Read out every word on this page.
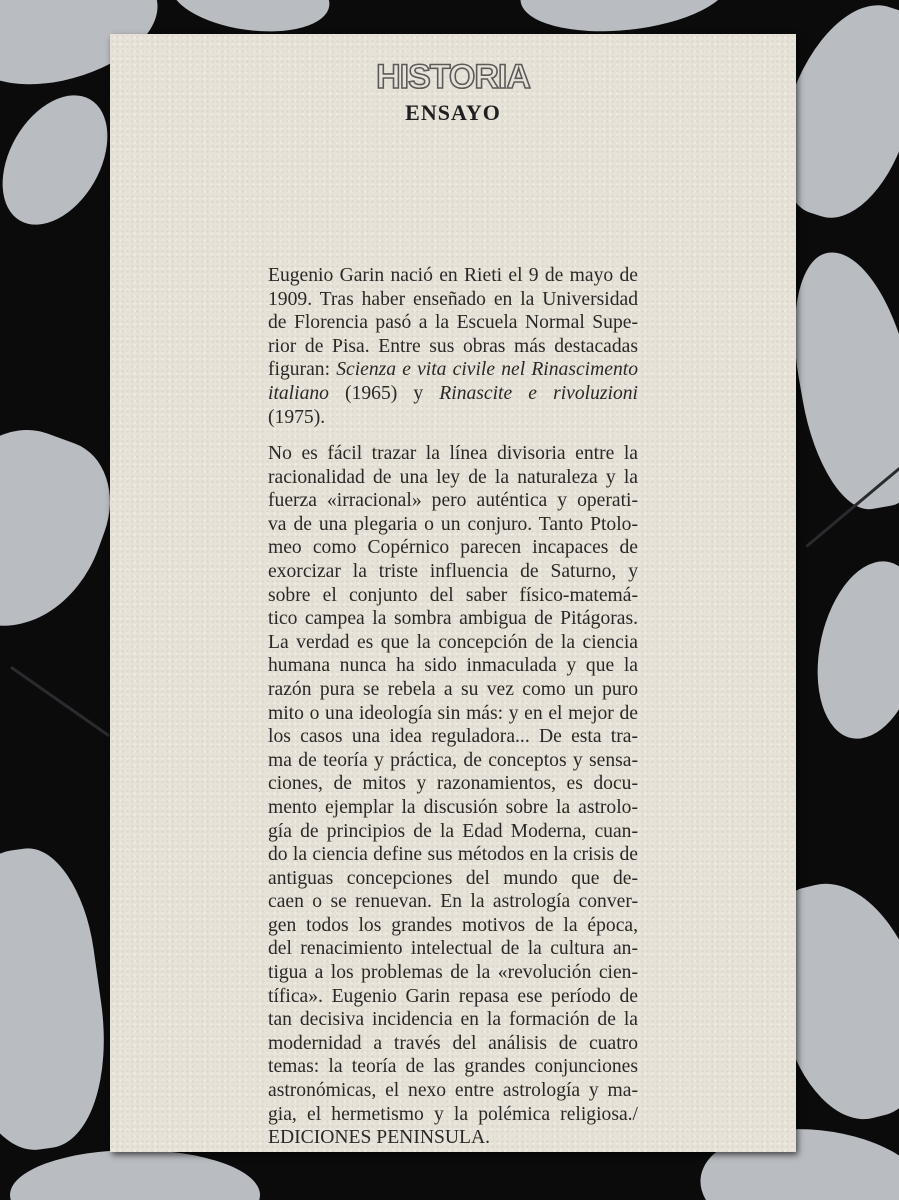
HISTORIA
ENSAYO
Eugenio Garin nació en Rieti el 9 de mayo de
1909. Tras haber enseñado en la Universidad
de Florencia pasó a la Escuela Normal Supe-
rior de Pisa. Entre sus obras más destacadas
figuran: Scienza e vita civile nel Rinascimento
italiano (1965) y Rinascite e rivoluzioni
(1975).
No es fácil trazar la línea divisoria entre la
racionalidad de una ley de la naturaleza y la
fuerza «irracional» pero auténtica y operati-
va de una plegaria o un conjuro. Tanto Ptolo-
meo como Copérnico parecen incapaces de
exorcizar la triste influencia de Saturno, y
sobre el conjunto del saber físico-matemá-
tico campea la sombra ambigua de Pitágoras.
La verdad es que la concepción de la ciencia
humana nunca ha sido inmaculada y que la
razón pura se rebela a su vez como un puro
mito o una ideología sin más: y en el mejor de
los casos una idea reguladora... De esta tra-
ma de teoría y práctica, de conceptos y sensa-
ciones, de mitos y razonamientos, es docu-
mento ejemplar la discusión sobre la astrolo-
gía de principios de la Edad Moderna, cuan-
do la ciencia define sus métodos en la crisis de
antiguas concepciones del mundo que de-
caen o se renuevan. En la astrología conver-
gen todos los grandes motivos de la época,
del renacimiento intelectual de la cultura an-
tigua a los problemas de la «revolución cien-
tífica». Eugenio Garin repasa ese período de
tan decisiva incidencia en la formación de la
modernidad a través del análisis de cuatro
temas: la teoría de las grandes conjunciones
astronómicas, el nexo entre astrología y ma-
gia, el hermetismo y la polémica religiosa./
EDICIONES PENINSULA.
